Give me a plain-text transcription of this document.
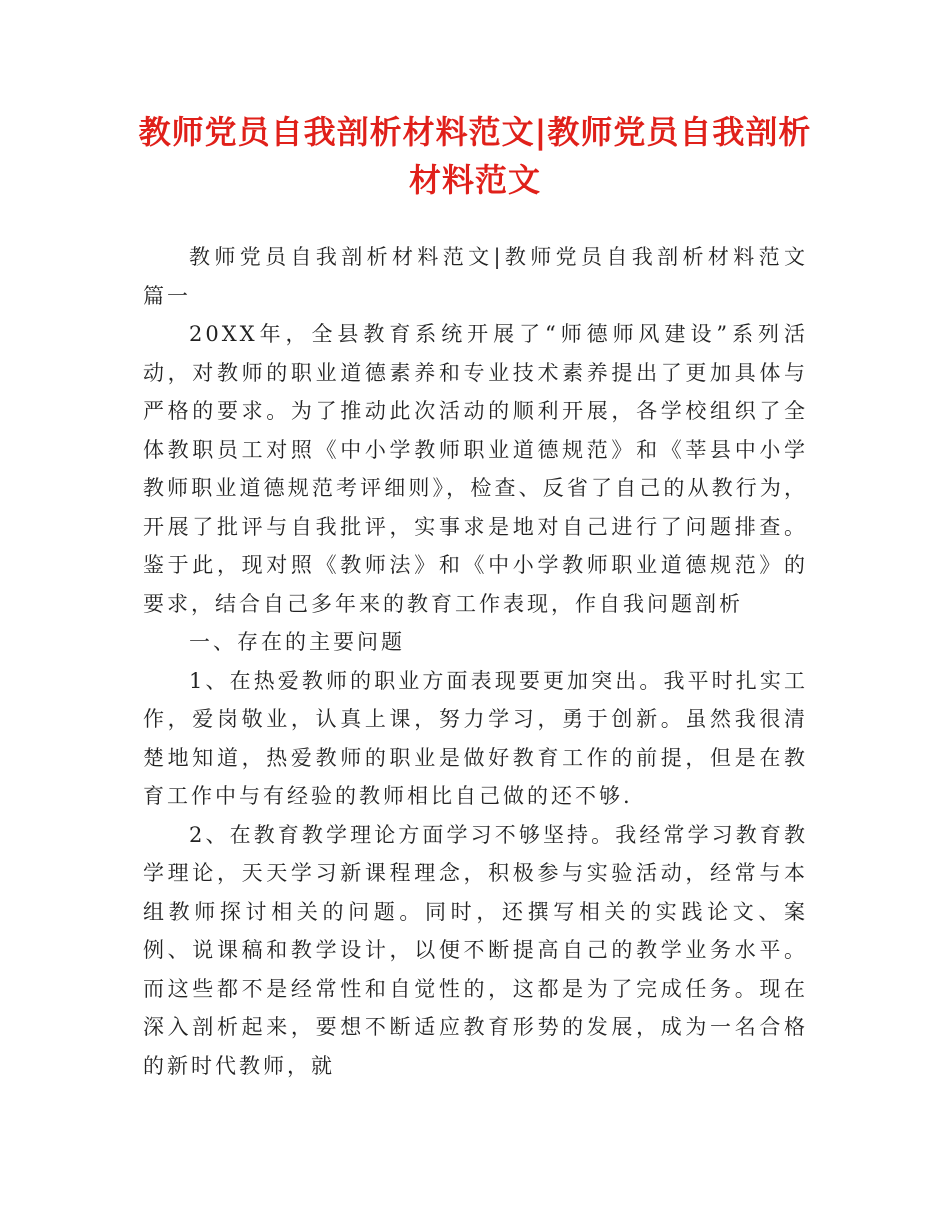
教师党员自我剖析材料范文|教师党员自我剖析材料范文

教师党员自我剖析材料范文|教师党员自我剖析材料范文 篇一

20XX年，全县教育系统开展了“师德师风建设”系列活动，对教师的职业道德素养和专业技术素养提出了更加具体与严格的要求。为了推动此次活动的顺利开展，各学校组织了全体教职员工对照《中小学教师职业道德规范》和《莘县中小学教师职业道德规范考评细则》，检查、反省了自己的从教行为，开展了批评与自我批评，实事求是地对自己进行了问题排查。鉴于此，现对照《教师法》和《中小学教师职业道德规范》的要求，结合自己多年来的教育工作表现，作自我问题剖析

一、存在的主要问题

1、在热爱教师的职业方面表现要更加突出。我平时扎实工作，爱岗敬业，认真上课，努力学习，勇于创新。虽然我很清楚地知道，热爱教师的职业是做好教育工作的前提，但是在教育工作中与有经验的教师相比自己做的还不够.

2、在教育教学理论方面学习不够坚持。我经常学习教育教学理论，天天学习新课程理念，积极参与实验活动，经常与本组教师探讨相关的问题。同时，还撰写相关的实践论文、案例、说课稿和教学设计，以便不断提高自己的教学业务水平。而这些都不是经常性和自觉性的，这都是为了完成任务。现在深入剖析起来，要想不断适应教育形势的发展，成为一名合格的新时代教师，就
